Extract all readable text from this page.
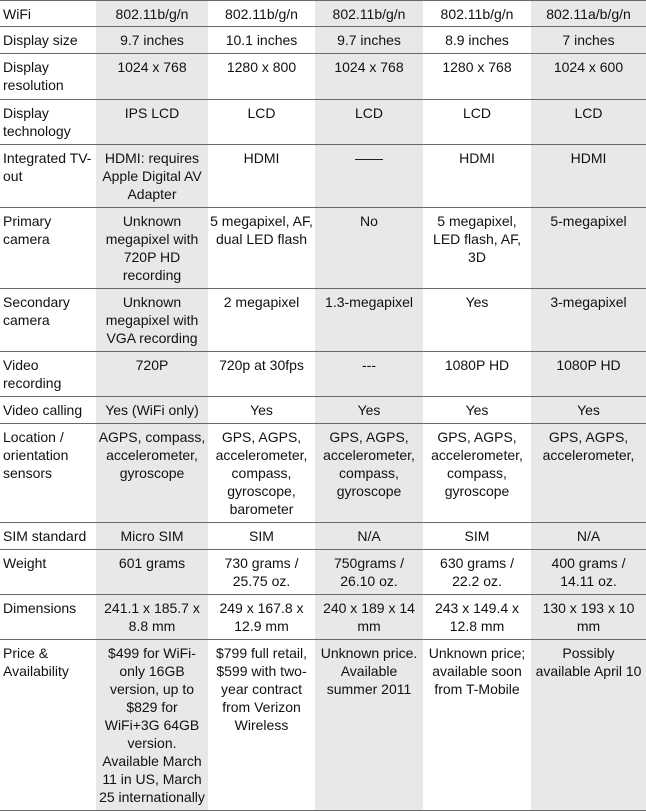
WiFi	802.11b/g/n	802.11b/g/n	802.11b/g/n	802.11b/g/n	802.11a/b/g/n
Display size	9.7 inches	10.1 inches	9.7 inches	8.9 inches	7 inches
Display resolution	1024 x 768	1280 x 800	1024 x 768	1280 x 768	1024 x 600
Display technology	IPS LCD	LCD	LCD	LCD	LCD
Integrated TV-out	HDMI: requires Apple Digital AV Adapter	HDMI	——	HDMI	HDMI
Primary camera	Unknown megapixel with 720P HD recording	5 megapixel, AF, dual LED flash	No	5 megapixel, LED flash, AF, 3D	5-megapixel
Secondary camera	Unknown megapixel with VGA recording	2 megapixel	1.3-megapixel	Yes	3-megapixel
Video recording	720P	720p at 30fps	---	1080P HD	1080P HD
Video calling	Yes (WiFi only)	Yes	Yes	Yes	Yes
Location / orientation sensors	AGPS, compass, accelerometer, gyroscope	GPS, AGPS, accelerometer, compass, gyroscope, barometer	GPS, AGPS, accelerometer, compass, gyroscope	GPS, AGPS, accelerometer, compass, gyroscope	GPS, AGPS, accelerometer,
SIM standard	Micro SIM	SIM	N/A	SIM	N/A
Weight	601 grams	730 grams / 25.75 oz.	750grams / 26.10 oz.	630 grams / 22.2 oz.	400 grams / 14.11 oz.
Dimensions	241.1 x 185.7 x 8.8 mm	249 x 167.8 x 12.9 mm	240 x 189 x 14 mm	243 x 149.4 x 12.8 mm	130 x 193 x 10 mm
Price & Availability	$499 for WiFi-only 16GB version, up to $829 for WiFi+3G 64GB version. Available March 11 in US, March 25 internationally	$799 full retail, $599 with two-year contract from Verizon Wireless	Unknown price. Available summer 2011	Unknown price; available soon from T-Mobile	Possibly available April 10
